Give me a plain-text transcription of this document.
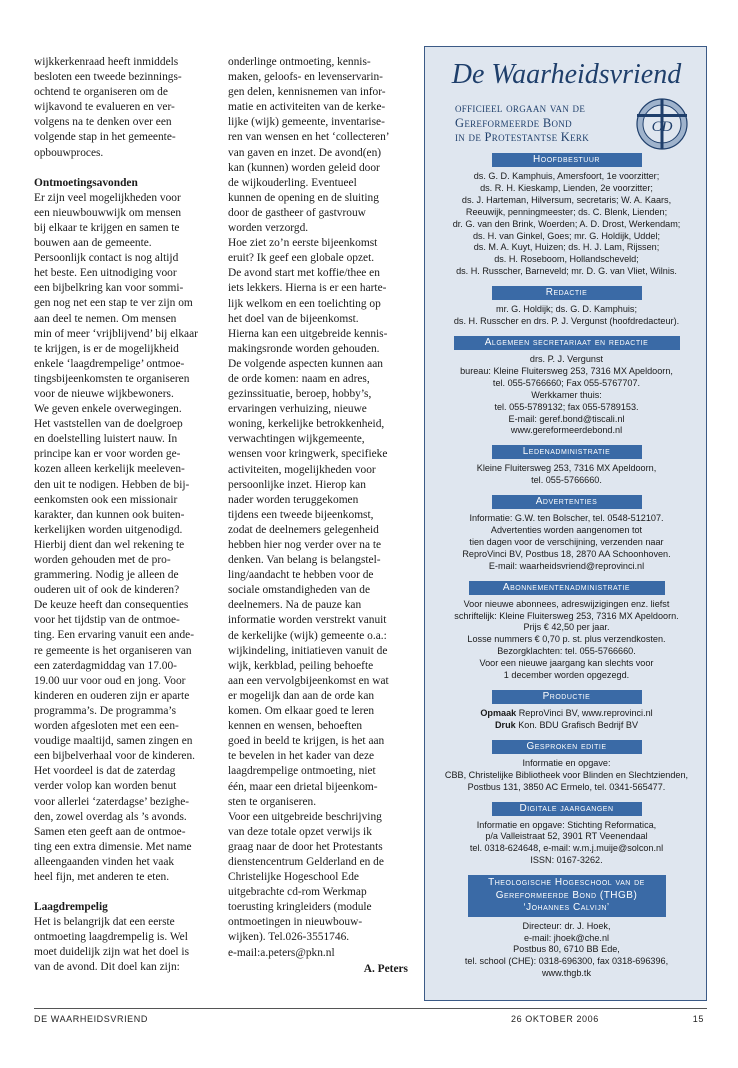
wijkkerkenraad heeft inmiddels
besloten een tweede bezinnings-
ochtend te organiseren om de
wijkavond te evalueren en ver-
volgens na te denken over een
volgende stap in het gemeente-
opbouwproces.

Ontmoetingsavonden

Er zijn veel mogelijkheden voor
een nieuwbouwwijk om mensen
bij elkaar te krijgen en samen te
bouwen aan de gemeente.
Persoonlijk contact is nog altijd
het beste. Een uitnodiging voor
een bijbelkring kan voor sommi-
gen nog net een stap te ver zijn om
aan deel te nemen. Om mensen
min of meer ‘vrijblijvend’ bij elkaar
te krijgen, is er de mogelijkheid
enkele ‘laagdrempelige’ ontmoe-
tingsbijeenkomsten te organiseren
voor de nieuwe wijkbewoners.
We geven enkele overwegingen.
Het vaststellen van de doelgroep
en doelstelling luistert nauw. In
principe kan er voor worden ge-
kozen alleen kerkelijk meeleven-
den uit te nodigen. Hebben de bij-
eenkomsten ook een missionair
karakter, dan kunnen ook buiten-
kerkelijken worden uitgenodigd.
Hierbij dient dan wel rekening te
worden gehouden met de pro-
grammering. Nodig je alleen de
ouderen uit of ook de kinderen?
De keuze heeft dan consequenties
voor het tijdstip van de ontmoe-
ting. Een ervaring vanuit een ande-
re gemeente is het organiseren van
een zaterdagmiddag van 17.00-
19.00 uur voor oud en jong. Voor
kinderen en ouderen zijn er aparte
programma’s. De programma’s
worden afgesloten met een een-
voudige maaltijd, samen zingen en
een bijbelverhaal voor de kinderen.
Het voordeel is dat de zaterdag
verder volop kan worden benut
voor allerlei ‘zaterdagse’ bezighe-
den, zowel overdag als ’s avonds.
Samen eten geeft aan de ontmoe-
ting een extra dimensie. Met name
alleengaanden vinden het vaak
heel fijn, met anderen te eten.

Laagdrempelig

Het is belangrijk dat een eerste
ontmoeting laagdrempelig is. Wel
moet duidelijk zijn wat het doel is
van de avond. Dit doel kan zijn:

onderlinge ontmoeting, kennis-
maken, geloofs- en levenservarin-
gen delen, kennisnemen van infor-
matie en activiteiten van de kerke-
lijke (wijk) gemeente, inventarise-
ren van wensen en het ‘collecteren’
van gaven en inzet. De avond(en)
kan (kunnen) worden geleid door
de wijkouderling. Eventueel
kunnen de opening en de sluiting
door de gastheer of gastvrouw
worden verzorgd.
Hoe ziet zo’n eerste bijeenkomst
eruit? Ik geef een globale opzet.
De avond start met koffie/thee en
iets lekkers. Hierna is er een harte-
lijk welkom en een toelichting op
het doel van de bijeenkomst.
Hierna kan een uitgebreide kennis-
makingsronde worden gehouden.
De volgende aspecten kunnen aan
de orde komen: naam en adres,
gezinssituatie, beroep, hobby’s,
ervaringen verhuizing, nieuwe
woning, kerkelijke betrokkenheid,
verwachtingen wijkgemeente,
wensen voor kringwerk, specifieke
activiteiten, mogelijkheden voor
persoonlijke inzet. Hierop kan
nader worden teruggekomen
tijdens een tweede bijeenkomst,
zodat de deelnemers gelegenheid
hebben hier nog verder over na te
denken. Van belang is belangstel-
ling/aandacht te hebben voor de
sociale omstandigheden van de
deelnemers. Na de pauze kan
informatie worden verstrekt vanuit
de kerkelijke (wijk) gemeente o.a.:
wijkindeling, initiatieven vanuit de
wijk, kerkblad, peiling behoefte
aan een vervolgbijeenkomst en wat
er mogelijk dan aan de orde kan
komen. Om elkaar goed te leren
kennen en wensen, behoeften
goed in beeld te krijgen, is het aan
te bevelen in het kader van deze
laagdrempelige ontmoeting, niet
één, maar een drietal bijeenkom-
sten te organiseren.
Voor een uitgebreide beschrijving
van deze totale opzet verwijs ik
graag naar de door het Protestants
dienstencentrum Gelderland en de
Christelijke Hogeschool Ede
uitgebrachte cd-rom Werkmap
toerusting kringleiders (module
ontmoetingen in nieuwbouw-
wijken). Tel.026-3551746.
e-mail:a.peters@pkn.nl

A. Peters
De Waarheidsvriend
officieel orgaan van de
Gereformeerde Bond
in de Protestantse Kerk
CD
Hoofdbestuur
ds. G. D. Kamphuis, Amersfoort, 1e voorzitter;
ds. R. H. Kieskamp, Lienden, 2e voorzitter;
ds. J. Harteman, Hilversum, secretaris; W. A. Kaars,
Reeuwijk, penningmeester; ds. C. Blenk, Lienden;
dr. G. van den Brink, Woerden; A. D. Drost, Werkendam;
ds. H. van Ginkel, Goes; mr. G. Holdijk, Uddel;
ds. M. A. Kuyt, Huizen; ds. H. J. Lam, Rijssen;
ds. H. Roseboom, Hollandscheveld;
ds. H. Russcher, Barneveld; mr. D. G. van Vliet, Wilnis.
Redactie
mr. G. Holdijk; ds. G. D. Kamphuis;
ds. H. Russcher en drs. P. J. Vergunst (hoofdredacteur).
Algemeen secretariaat en redactie
drs. P. J. Vergunst
bureau: Kleine Fluitersweg 253, 7316 MX Apeldoorn,
tel. 055-5766660; Fax 055-5767707.
Werkkamer thuis:
tel. 055-5789132; fax 055-5789153.
E-mail: geref.bond@tiscali.nl
www.gereformeerdebond.nl
Ledenadministratie
Kleine Fluitersweg 253, 7316 MX Apeldoorn,
tel. 055-5766660.
Advertenties
Informatie: G.W. ten Bolscher, tel. 0548-512107.
Advertenties worden aangenomen tot
tien dagen voor de verschijning, verzenden naar
ReproVinci BV, Postbus 18, 2870 AA Schoonhoven.
E-mail: waarheidsvriend@reprovinci.nl
Abonnementenadministratie
Voor nieuwe abonnees, adreswijzigingen enz. liefst
schriftelijk: Kleine Fluitersweg 253, 7316 MX Apeldoorn.
Prijs € 42,50 per jaar.
Losse nummers € 0,70 p. st. plus verzendkosten.
Bezorgklachten: tel. 055-5766660.
Voor een nieuwe jaargang kan slechts voor
1 december worden opgezegd.
Productie
Opmaak ReproVinci BV, www.reprovinci.nl
Druk Kon. BDU Grafisch Bedrijf BV
Gesproken editie
Informatie en opgave:
CBB, Christelijke Bibliotheek voor Blinden en Slechtzienden,
Postbus 131, 3850 AC Ermelo, tel. 0341-565477.
Digitale jaargangen
Informatie en opgave: Stichting Reformatica,
p/a Valleistraat 52, 3901 RT Veenendaal
tel. 0318-624648, e-mail: w.m.j.muije@solcon.nl
ISSN: 0167-3262.
Theologische Hogeschool van de
Gereformeerde Bond (THGB)
‘Johannes Calvijn’
Directeur: dr. J. Hoek,
e-mail: jhoek@che.nl
Postbus 80, 6710 BB Ede,
tel. school (CHE): 0318-696300, fax 0318-696396,
www.thgb.tk
DE WAARHEIDSVRIEND	26 OKTOBER 2006	15
